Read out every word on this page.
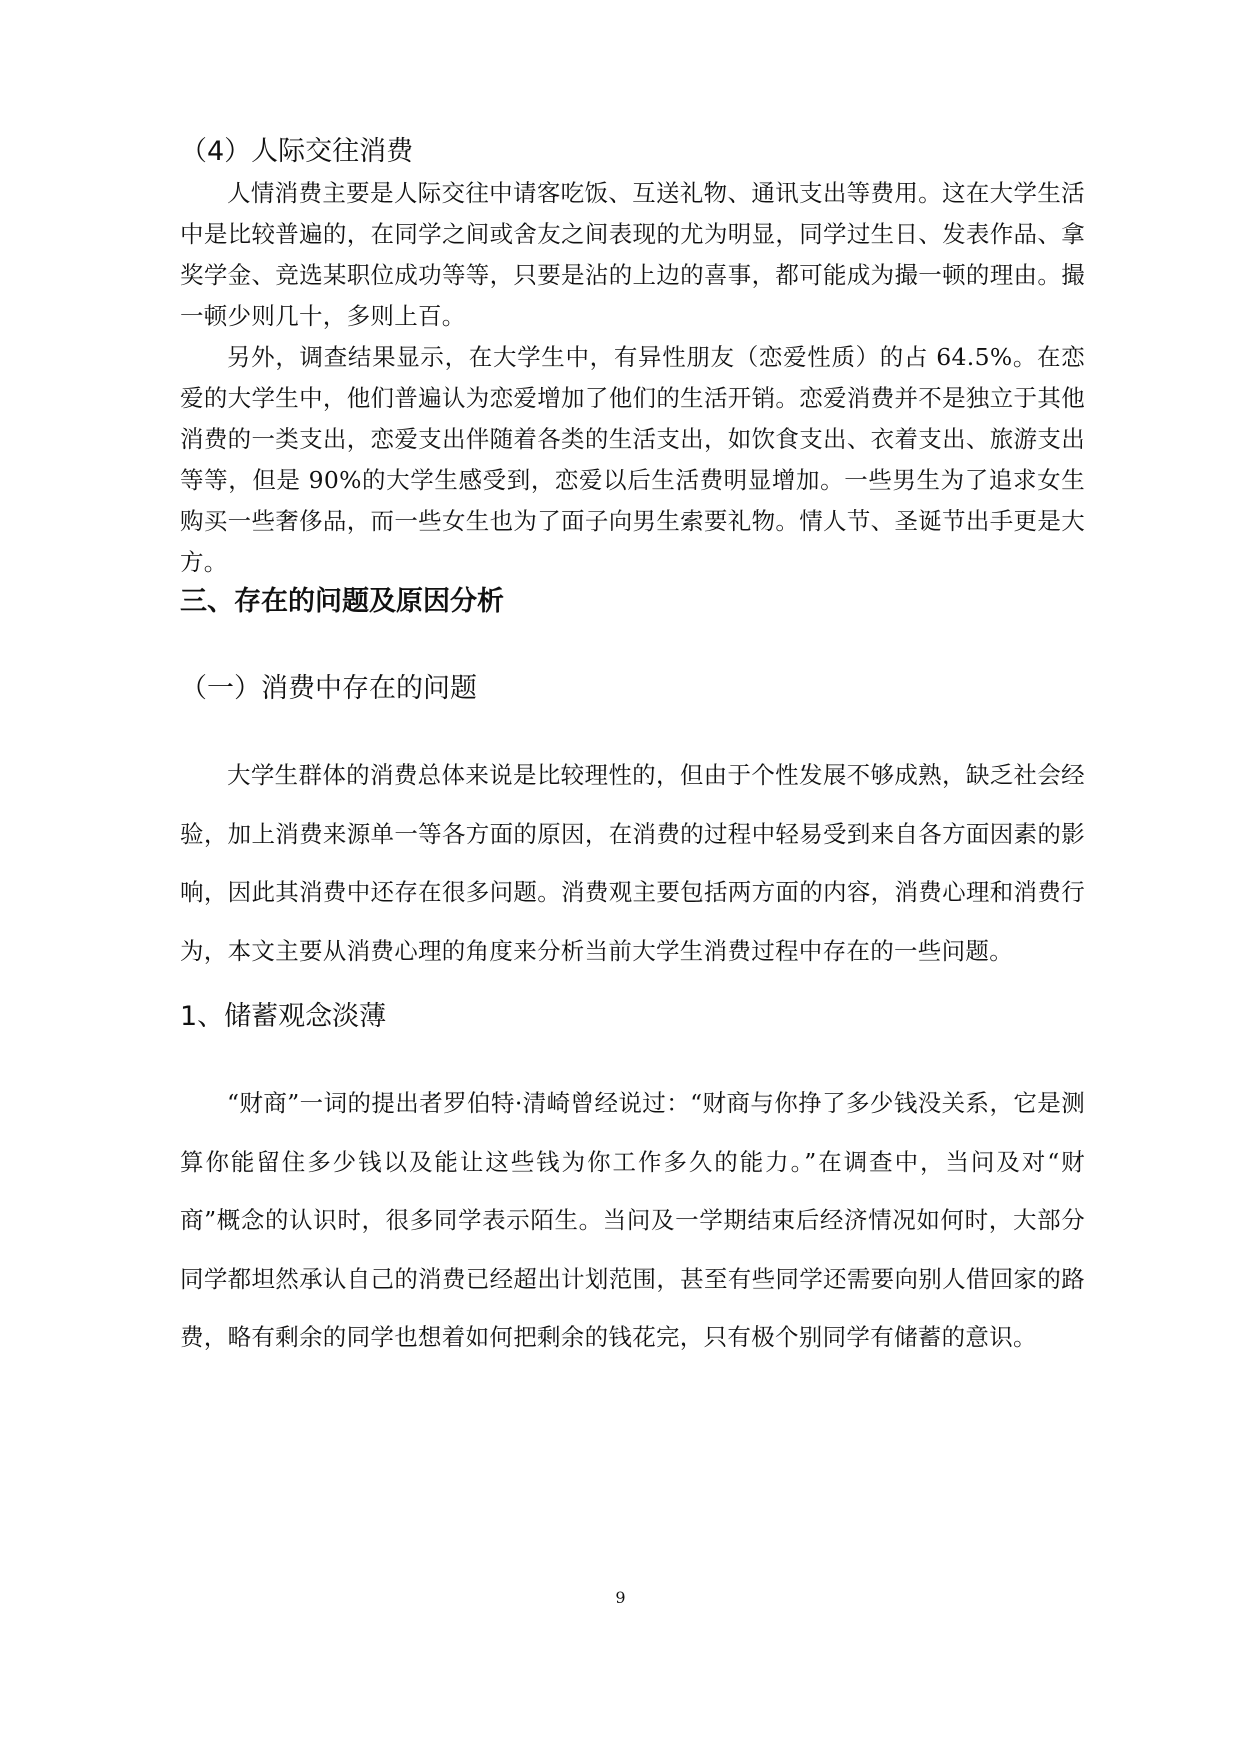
（4）人际交往消费

人情消费主要是人际交往中请客吃饭、互送礼物、通讯支出等费用。这在大学生活中是比较普遍的，在同学之间或舍友之间表现的尤为明显，同学过生日、发表作品、拿奖学金、竞选某职位成功等等，只要是沾的上边的喜事，都可能成为撮一顿的理由。撮一顿少则几十，多则上百。

另外，调查结果显示，在大学生中，有异性朋友（恋爱性质）的占 64.5%。在恋爱的大学生中，他们普遍认为恋爱增加了他们的生活开销。恋爱消费并不是独立于其他消费的一类支出，恋爱支出伴随着各类的生活支出，如饮食支出、衣着支出、旅游支出等等，但是 90%的大学生感受到，恋爱以后生活费明显增加。一些男生为了追求女生购买一些奢侈品，而一些女生也为了面子向男生索要礼物。情人节、圣诞节出手更是大方。

三、存在的问题及原因分析
（一）消费中存在的问题

大学生群体的消费总体来说是比较理性的，但由于个性发展不够成熟，缺乏社会经验，加上消费来源单一等各方面的原因，在消费的过程中轻易受到来自各方面因素的影响，因此其消费中还存在很多问题。消费观主要包括两方面的内容，消费心理和消费行为，本文主要从消费心理的角度来分析当前大学生消费过程中存在的一些问题。

1、储蓄观念淡薄

“财商”一词的提出者罗伯特·清崎曾经说过：“财商与你挣了多少钱没关系，它是测算你能留住多少钱以及能让这些钱为你工作多久的能力。”在调查中，当问及对“财商”概念的认识时，很多同学表示陌生。当问及一学期结束后经济情况如何时，大部分同学都坦然承认自己的消费已经超出计划范围，甚至有些同学还需要向别人借回家的路费，略有剩余的同学也想着如何把剩余的钱花完，只有极个别同学有储蓄的意识。

9
